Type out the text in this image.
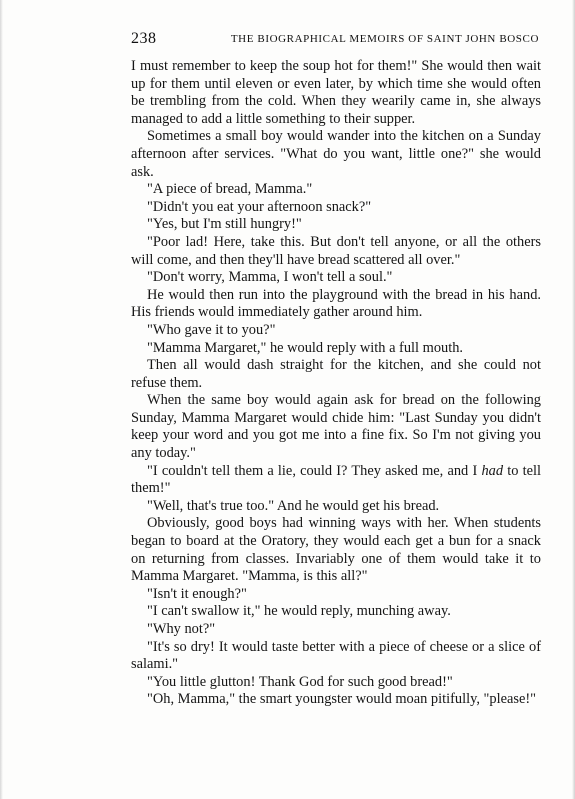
238	THE BIOGRAPHICAL MEMOIRS OF SAINT JOHN BOSCO

I must remember to keep the soup hot for them!" She would then wait up for them until eleven or even later, by which time she would often be trembling from the cold. When they wearily came in, she always managed to add a little something to their supper.

Sometimes a small boy would wander into the kitchen on a Sunday afternoon after services. "What do you want, little one?" she would ask.

"A piece of bread, Mamma."

"Didn't you eat your afternoon snack?"

"Yes, but I'm still hungry!"

"Poor lad! Here, take this. But don't tell anyone, or all the others will come, and then they'll have bread scattered all over."

"Don't worry, Mamma, I won't tell a soul."

He would then run into the playground with the bread in his hand. His friends would immediately gather around him.

"Who gave it to you?"

"Mamma Margaret," he would reply with a full mouth.

Then all would dash straight for the kitchen, and she could not refuse them.

When the same boy would again ask for bread on the following Sunday, Mamma Margaret would chide him: "Last Sunday you didn't keep your word and you got me into a fine fix. So I'm not giving you any today."

"I couldn't tell them a lie, could I? They asked me, and I had to tell them!"

"Well, that's true too." And he would get his bread.

Obviously, good boys had winning ways with her. When students began to board at the Oratory, they would each get a bun for a snack on returning from classes. Invariably one of them would take it to Mamma Margaret. "Mamma, is this all?"

"Isn't it enough?"

"I can't swallow it," he would reply, munching away.

"Why not?"

"It's so dry! It would taste better with a piece of cheese or a slice of salami."

"You little glutton! Thank God for such good bread!"

"Oh, Mamma," the smart youngster would moan pitifully, "please!"
